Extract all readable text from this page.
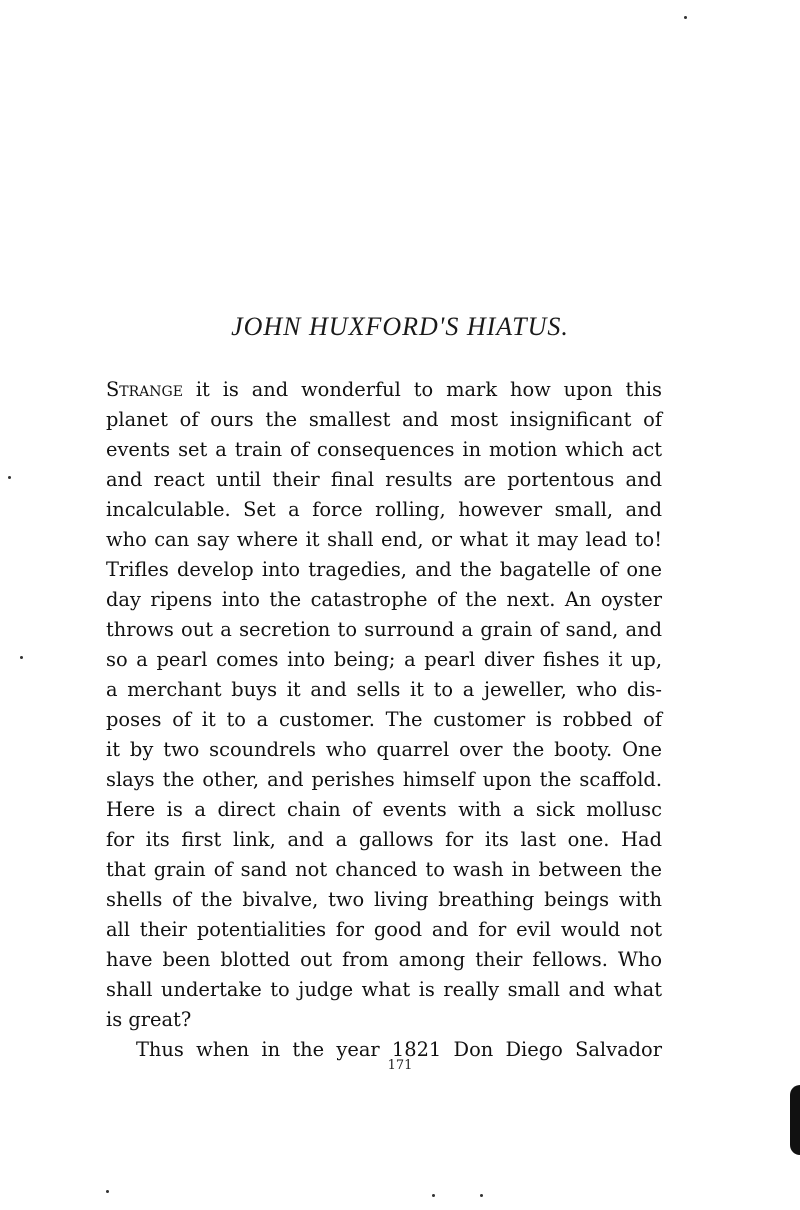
JOHN HUXFORD'S HIATUS.
Strange it is and wonderful to mark how upon this
planet of ours the smallest and most insignificant of
events set a train of consequences in motion which act
and react until their final results are portentous and
incalculable. Set a force rolling, however small, and
who can say where it shall end, or what it may lead to!
Trifles develop into tragedies, and the bagatelle of one
day ripens into the catastrophe of the next. An oyster
throws out a secretion to surround a grain of sand, and
so a pearl comes into being; a pearl diver fishes it up,
a merchant buys it and sells it to a jeweller, who dis-
poses of it to a customer. The customer is robbed of
it by two scoundrels who quarrel over the booty. One
slays the other, and perishes himself upon the scaffold.
Here is a direct chain of events with a sick mollusc
for its first link, and a gallows for its last one. Had
that grain of sand not chanced to wash in between the
shells of the bivalve, two living breathing beings with
all their potentialities for good and for evil would not
have been blotted out from among their fellows. Who
shall undertake to judge what is really small and what
is great?
Thus when in the year 1821 Don Diego Salvador
171
